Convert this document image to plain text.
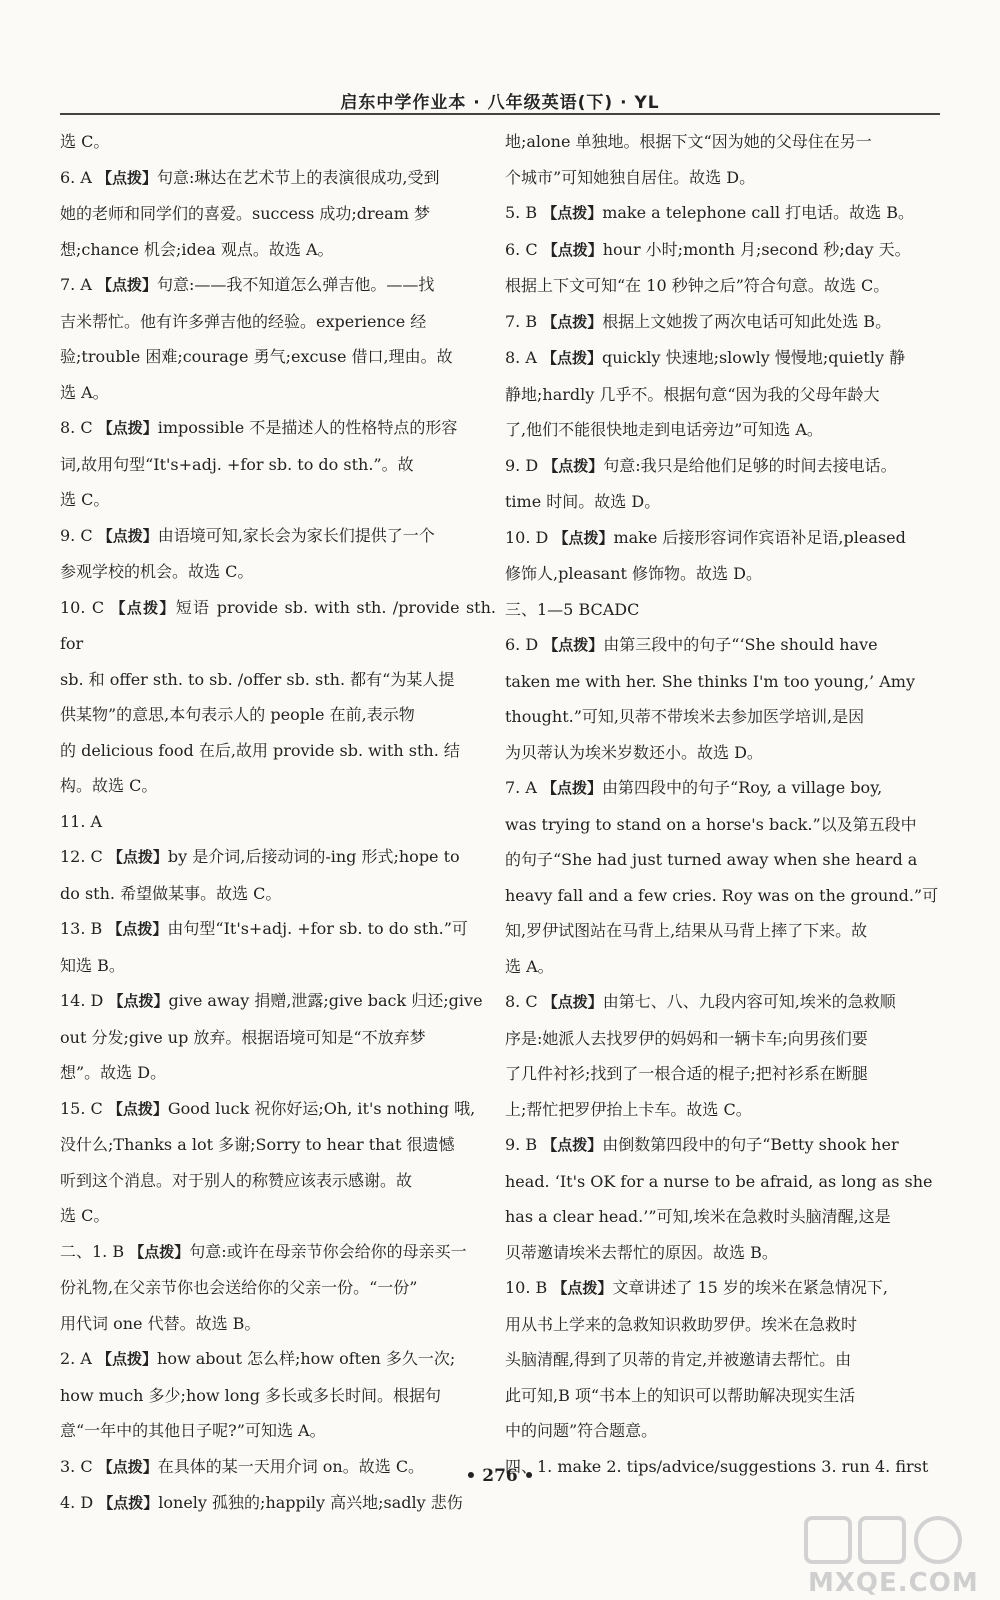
启东中学作业本 · 八年级英语(下) · YL

选 C。

6. A 【点拨】句意:琳达在艺术节上的表演很成功,受到

她的老师和同学们的喜爱。success 成功;dream 梦

想;chance 机会;idea 观点。故选 A。

7. A 【点拨】句意:——我不知道怎么弹吉他。——找

吉米帮忙。他有许多弹吉他的经验。experience 经

验;trouble 困难;courage 勇气;excuse 借口,理由。故

选 A。

8. C 【点拨】impossible 不是描述人的性格特点的形容

词,故用句型“It's+adj. +for sb. to do sth.”。故

选 C。

9. C 【点拨】由语境可知,家长会为家长们提供了一个

参观学校的机会。故选 C。

10. C 【点拨】短语 provide sb. with sth. /provide sth. for

sb. 和 offer sth. to sb. /offer sb. sth. 都有“为某人提

供某物”的意思,本句表示人的 people 在前,表示物

的 delicious food 在后,故用 provide sb. with sth. 结

构。故选 C。

11. A

12. C 【点拨】by 是介词,后接动词的-ing 形式;hope to

do sth. 希望做某事。故选 C。

13. B 【点拨】由句型“It's+adj. +for sb. to do sth.”可

知选 B。

14. D 【点拨】give away 捐赠,泄露;give back 归还;give

out 分发;give up 放弃。根据语境可知是“不放弃梦

想”。故选 D。

15. C 【点拨】Good luck 祝你好运;Oh, it's nothing 哦,

没什么;Thanks a lot 多谢;Sorry to hear that 很遗憾

听到这个消息。对于别人的称赞应该表示感谢。故

选 C。

二、1. B 【点拨】句意:或许在母亲节你会给你的母亲买一

份礼物,在父亲节你也会送给你的父亲一份。“一份”

用代词 one 代替。故选 B。

2. A 【点拨】how about 怎么样;how often 多久一次;

how much 多少;how long 多长或多长时间。根据句

意“一年中的其他日子呢?”可知选 A。

3. C 【点拨】在具体的某一天用介词 on。故选 C。

4. D 【点拨】lonely 孤独的;happily 高兴地;sadly 悲伤

地;alone 单独地。根据下文“因为她的父母住在另一

个城市”可知她独自居住。故选 D。

5. B 【点拨】make a telephone call 打电话。故选 B。

6. C 【点拨】hour 小时;month 月;second 秒;day 天。

根据上下文可知“在 10 秒钟之后”符合句意。故选 C。

7. B 【点拨】根据上文她拨了两次电话可知此处选 B。

8. A 【点拨】quickly 快速地;slowly 慢慢地;quietly 静

静地;hardly 几乎不。根据句意“因为我的父母年龄大

了,他们不能很快地走到电话旁边”可知选 A。

9. D 【点拨】句意:我只是给他们足够的时间去接电话。

time 时间。故选 D。

10. D 【点拨】make 后接形容词作宾语补足语,pleased

修饰人,pleasant 修饰物。故选 D。

三、1—5 BCADC

6. D 【点拨】由第三段中的句子“‘She should have

taken me with her. She thinks I'm too young,’ Amy

thought.”可知,贝蒂不带埃米去参加医学培训,是因

为贝蒂认为埃米岁数还小。故选 D。

7. A 【点拨】由第四段中的句子“Roy, a village boy,

was trying to stand on a horse's back.”以及第五段中

的句子“She had just turned away when she heard a

heavy fall and a few cries. Roy was on the ground.”可

知,罗伊试图站在马背上,结果从马背上摔了下来。故

选 A。

8. C 【点拨】由第七、八、九段内容可知,埃米的急救顺

序是:她派人去找罗伊的妈妈和一辆卡车;向男孩们要

了几件衬衫;找到了一根合适的棍子;把衬衫系在断腿

上;帮忙把罗伊抬上卡车。故选 C。

9. B 【点拨】由倒数第四段中的句子“Betty shook her

head. ‘It's OK for a nurse to be afraid, as long as she

has a clear head.’”可知,埃米在急救时头脑清醒,这是

贝蒂邀请埃米去帮忙的原因。故选 B。

10. B 【点拨】文章讲述了 15 岁的埃米在紧急情况下,

用从书上学来的急救知识救助罗伊。埃米在急救时

头脑清醒,得到了贝蒂的肯定,并被邀请去帮忙。由

此可知,B 项“书本上的知识可以帮助解决现实生活

中的问题”符合题意。

四、1. make 2. tips/advice/suggestions 3. run 4. first

• 276 •
MXQE.COM
